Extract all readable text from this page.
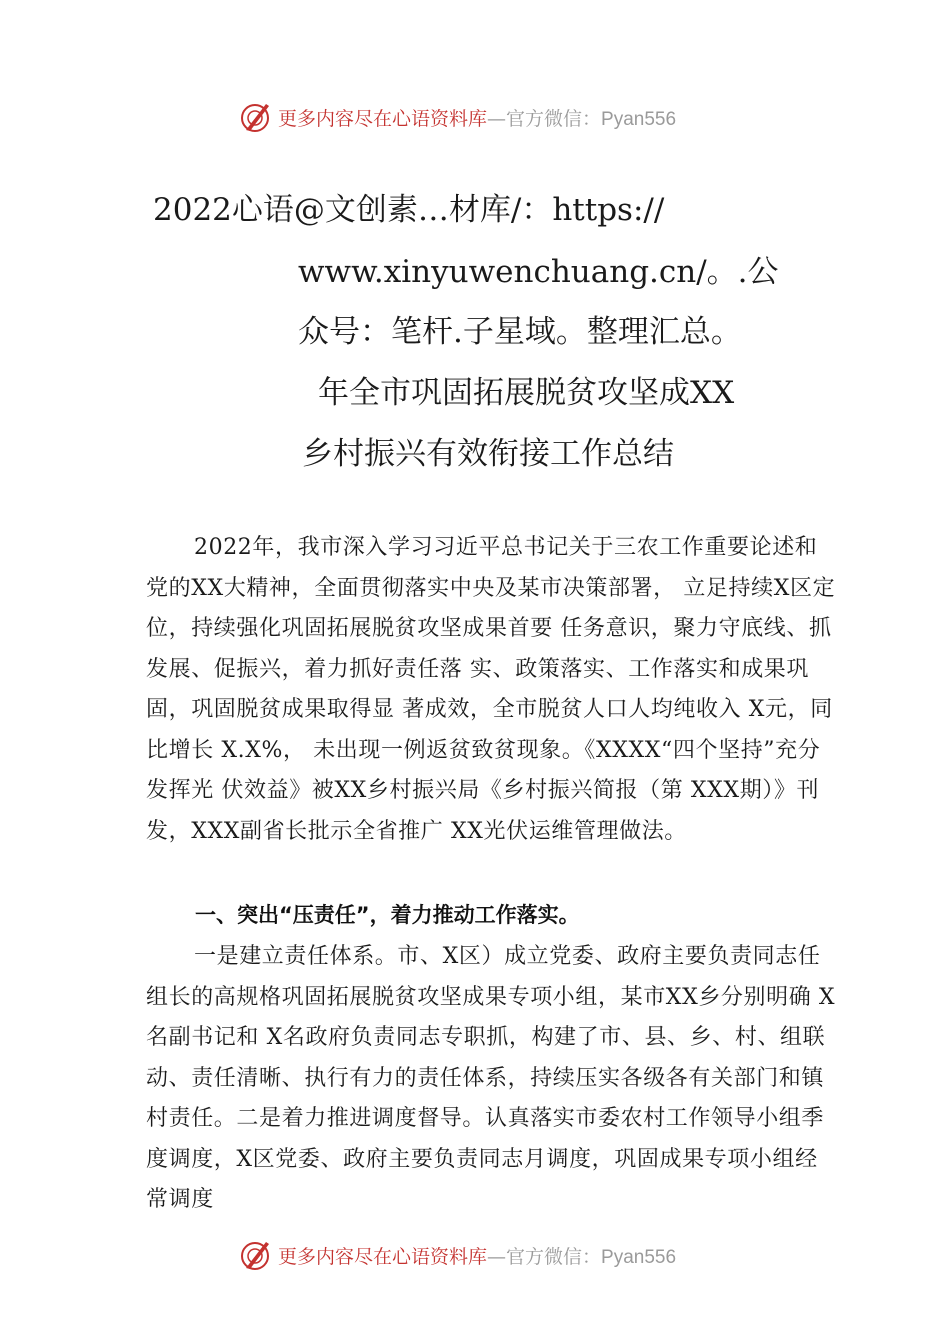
更多内容尽在心语资料库—官方微信：Pyan556
2022心语@文创素…材库/：https://
www.xinyuwenchuang.cn/。.公
众号：笔杆.子星域。整理汇总。
年全市巩固拓展脱贫攻坚成XX
乡村振兴有效衔接工作总结
2022年，我市深入学习习近平总书记关于三农工作重要论述和党的XX大精神，全面贯彻落实中央及某市决策部署， 立足持续X区定位，持续强化巩固拓展脱贫攻坚成果首要 任务意识，聚力守底线、抓发展、促振兴，着力抓好责任落 实、政策落实、工作落实和成果巩固，巩固脱贫成果取得显 著成效，全市脱贫人口人均纯收入 X元，同比增长 X.X%， 未出现一例返贫致贫现象。《XXXX“四个坚持”充分发挥光 伏效益》被XX乡村振兴局《乡村振兴简报（第 XXX期）》刊发，XXX副省长批示全省推广 XX光伏运维管理做法。
一、突出“压责任”，着力推动工作落实。
一是建立责任体系。市、X区）成立党委、政府主要负责同志任组长的高规格巩固拓展脱贫攻坚成果专项小组，某市XX乡分别明确 X名副书记和 X名政府负责同志专职抓，构建了市、县、乡、村、组联动、责任清晰、执行有力的责任体系，持续压实各级各有关部门和镇村责任。二是着力推进调度督导。认真落实市委农村工作领导小组季度调度，X区党委、政府主要负责同志月调度，巩固成果专项小组经常调度
更多内容尽在心语资料库—官方微信：Pyan556
